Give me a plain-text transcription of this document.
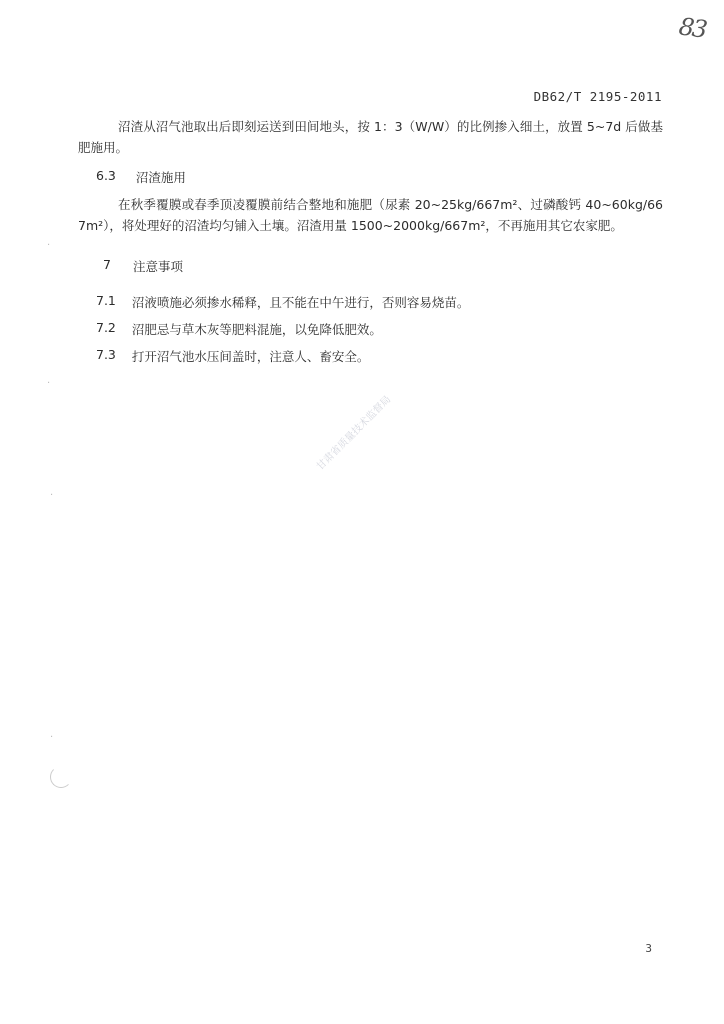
83
DB62/T 2195-2011

沼渣从沼气池取出后即刻运送到田间地头，按 1：3（W/W）的比例掺入细土，放置 5~7d 后做基肥施用。

6.3 沼渣施用

在秋季覆膜或春季顶凌覆膜前结合整地和施肥（尿素 20~25kg/667m²、过磷酸钙 40~60kg/667m²），将处理好的沼渣均匀铺入土壤。沼渣用量 1500~2000kg/667m²，不再施用其它农家肥。

7	注意事项
7.1 沼液喷施必须掺水稀释，且不能在中午进行，否则容易烧苗。
7.2 沼肥忌与草木灰等肥料混施，以免降低肥效。
7.3 打开沼气池水压间盖时，注意人、畜安全。
甘肃省质量技术监督局
·
·
·
·
3
